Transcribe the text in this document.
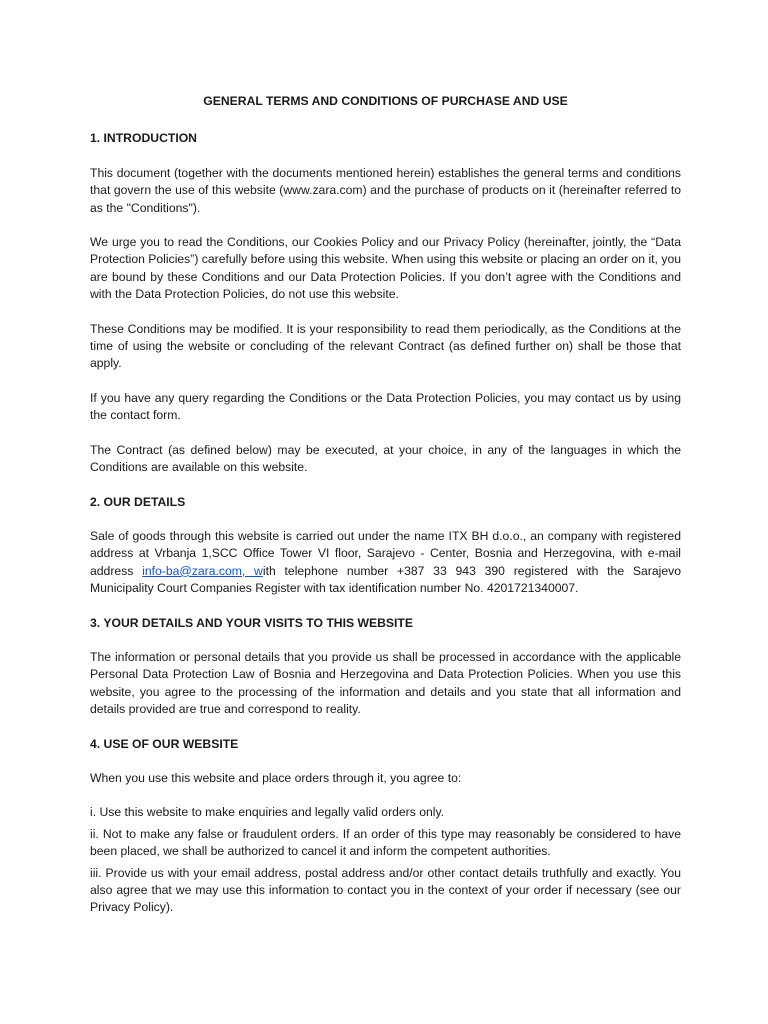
GENERAL TERMS AND CONDITIONS OF PURCHASE AND USE
1. INTRODUCTION

This document (together with the documents mentioned herein) establishes the general terms and conditions that govern the use of this website (www.zara.com) and the purchase of products on it (hereinafter referred to as the "Conditions").

We urge you to read the Conditions, our Cookies Policy and our Privacy Policy (hereinafter, jointly, the “Data Protection Policies”) carefully before using this website. When using this website or placing an order on it, you are bound by these Conditions and our Data Protection Policies. If you don’t agree with the Conditions and with the Data Protection Policies, do not use this website.

These Conditions may be modified. It is your responsibility to read them periodically, as the Conditions at the time of using the website or concluding of the relevant Contract (as defined further on) shall be those that apply.

If you have any query regarding the Conditions or the Data Protection Policies, you may contact us by using the contact form.

The Contract (as defined below) may be executed, at your choice, in any of the languages in which the Conditions are available on this website.

2. OUR DETAILS

Sale of goods through this website is carried out under the name ITX BH d.o.o., an company with registered address at Vrbanja 1,SCC Office Tower VI floor, Sarajevo - Center, Bosnia and Herzegovina, with e-mail address info-ba@zara.com, with telephone number +387 33 943 390 registered with the Sarajevo Municipality Court Companies Register with tax identification number No. 4201721340007.

3. YOUR DETAILS AND YOUR VISITS TO THIS WEBSITE

The information or personal details that you provide us shall be processed in accordance with the applicable Personal Data Protection Law of Bosnia and Herzegovina and Data Protection Policies. When you use this website, you agree to the processing of the information and details and you state that all information and details provided are true and correspond to reality.

4. USE OF OUR WEBSITE

When you use this website and place orders through it, you agree to:

i. Use this website to make enquiries and legally valid orders only.

ii. Not to make any false or fraudulent orders. If an order of this type may reasonably be considered to have been placed, we shall be authorized to cancel it and inform the competent authorities.

iii. Provide us with your email address, postal address and/or other contact details truthfully and exactly. You also agree that we may use this information to contact you in the context of your order if necessary (see our Privacy Policy).
